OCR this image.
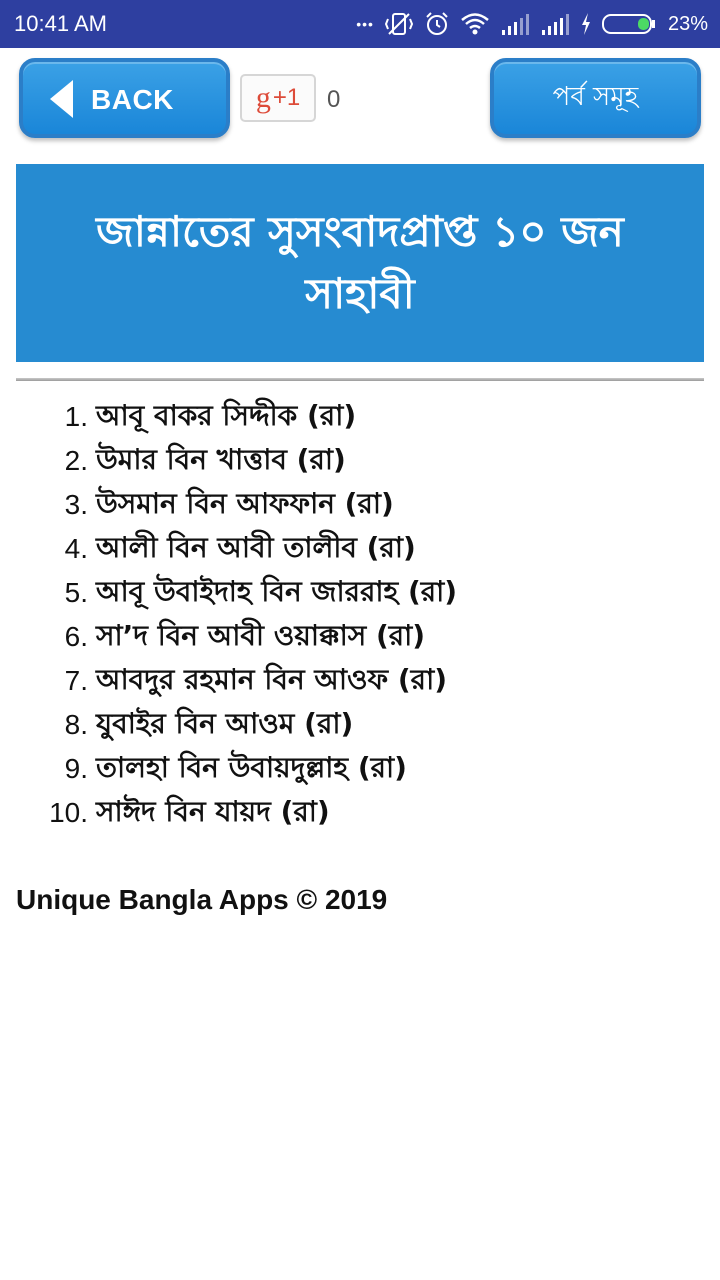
10:41 AM	•••	23%
BACK	g +1 0	পর্ব সমূহ
জান্নাতের সুসংবাদপ্রাপ্ত ১০ জন সাহাবী
1. আবূ বাকর সিদ্দীক (রা)
2. উমার বিন খাত্তাব (রা)
3. উসমান বিন আফফান (রা)
4. আলী বিন আবী তালীব (রা)
5. আবূ উবাইদাহ বিন জাররাহ (রা)
6. সা’দ বিন আবী ওয়াক্কাস (রা)
7. আবদুর রহমান বিন আওফ (রা)
8. যুবাইর বিন আওম (রা)
9. তালহা বিন উবায়দুল্লাহ (রা)
10. সাঈদ বিন যায়দ (রা)
Unique Bangla Apps © 2019
